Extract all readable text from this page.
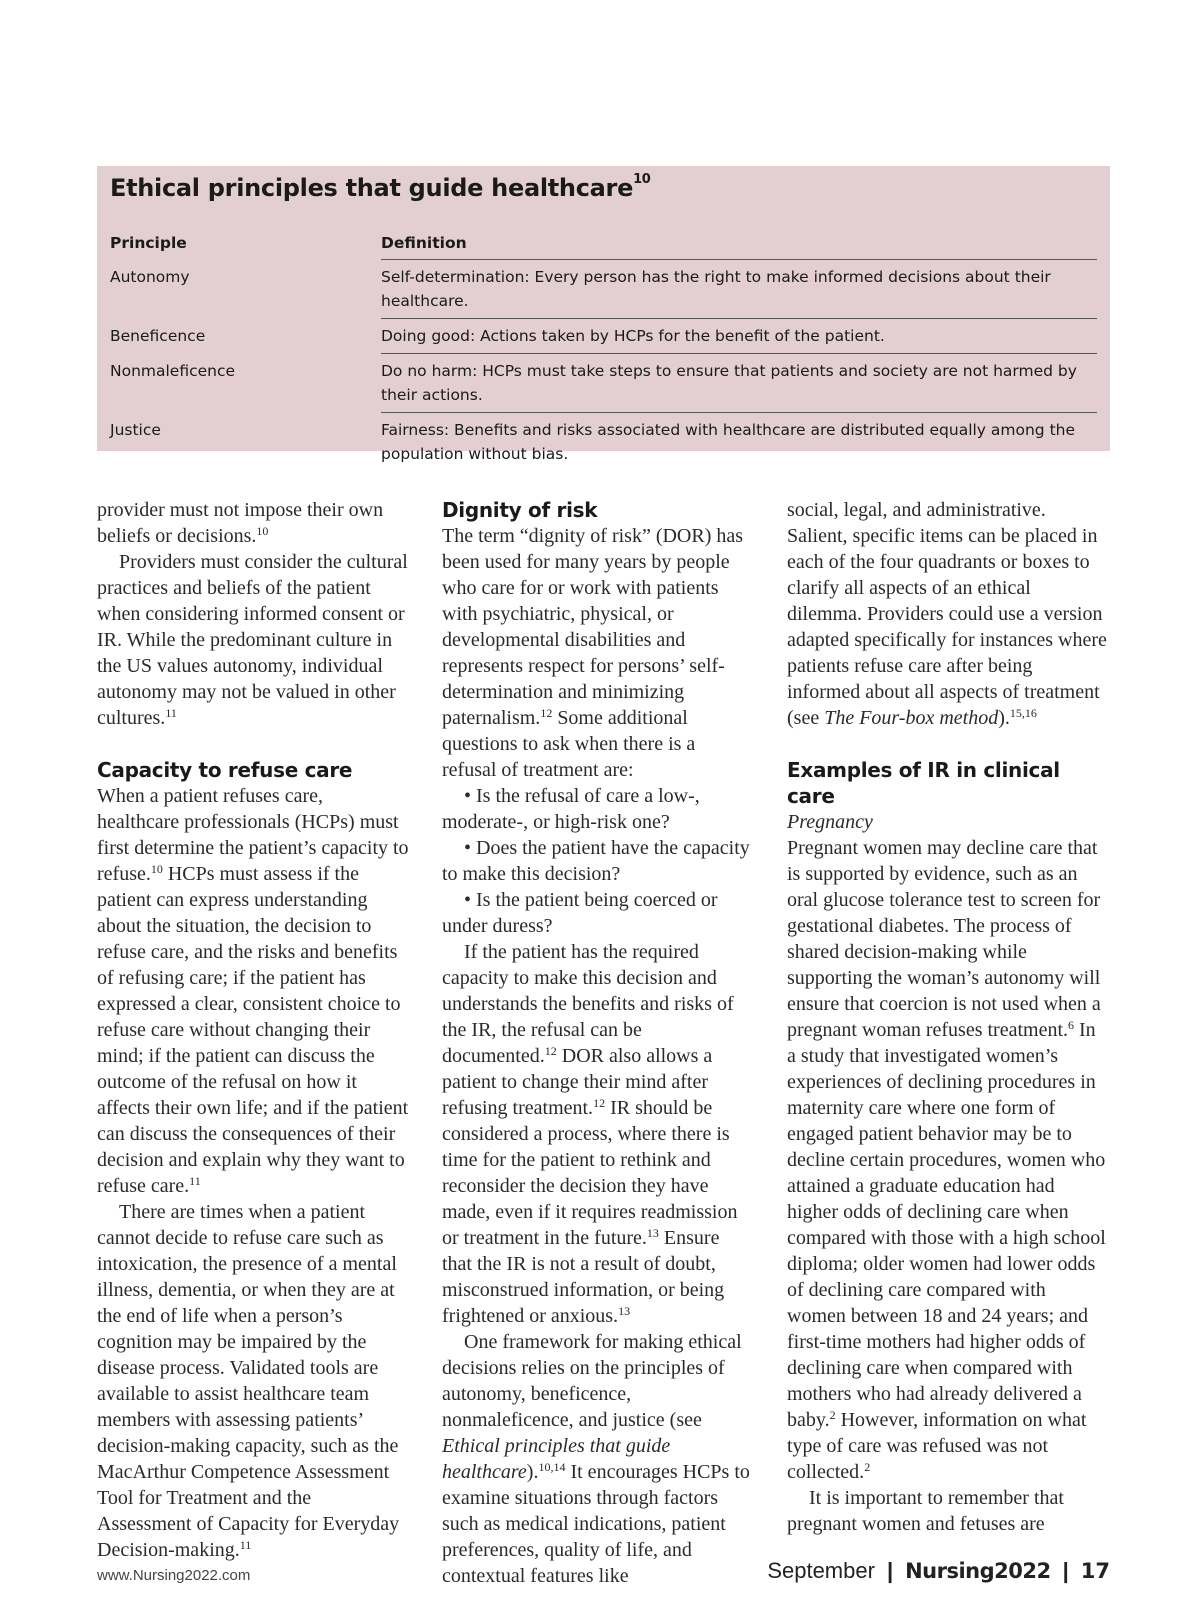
Ethical principles that guide healthcare$^{10}$
Principle	Definition
Autonomy	Self-determination: Every person has the right to make informed decisions about their healthcare.
Beneficence	Doing good: Actions taken by HCPs for the benefit of the patient.
Nonmaleficence	Do no harm: HCPs must take steps to ensure that patients and society are not harmed by their actions.
Justice	Fairness: Benefits and risks associated with healthcare are distributed equally among the population without bias.

provider must not impose their own beliefs or decisions.$^{10}$

Providers must consider the cultural practices and beliefs of the patient when considering informed consent or IR. While the predominant culture in the US values autonomy, individual autonomy may not be valued in other cultures.$^{11}$

Capacity to refuse care

When a patient refuses care, healthcare professionals (HCPs) must first determine the patient’s capacity to refuse.$^{10}$ HCPs must assess if the patient can express understanding about the situation, the decision to refuse care, and the risks and benefits of refusing care; if the patient has expressed a clear, consistent choice to refuse care without changing their mind; if the patient can discuss the outcome of the refusal on how it affects their own life; and if the patient can discuss the consequences of their decision and explain why they want to refuse care.$^{11}$

There are times when a patient cannot decide to refuse care such as intoxication, the presence of a mental illness, dementia, or when they are at the end of life when a person’s cognition may be impaired by the disease process. Validated tools are available to assist healthcare team members with assessing patients’ decision-making capacity, such as the MacArthur Competence Assessment Tool for Treatment and the Assessment of Capacity for Everyday Decision-making.$^{11}$

Dignity of risk

The term “dignity of risk” (DOR) has been used for many years by people who care for or work with patients with psychiatric, physical, or developmental disabilities and represents respect for persons’ self-determination and minimizing paternalism.$^{12}$ Some additional questions to ask when there is a refusal of treatment are:

• Is the refusal of care a low-, moderate-, or high-risk one?

• Does the patient have the capacity to make this decision?

• Is the patient being coerced or under duress?

If the patient has the required capacity to make this decision and understands the benefits and risks of the IR, the refusal can be documented.$^{12}$ DOR also allows a patient to change their mind after refusing treatment.$^{12}$ IR should be considered a process, where there is time for the patient to rethink and reconsider the decision they have made, even if it requires readmission or treatment in the future.$^{13}$ Ensure that the IR is not a result of doubt, misconstrued information, or being frightened or anxious.$^{13}$

One framework for making ethical decisions relies on the principles of autonomy, beneficence, nonmaleficence, and justice (see Ethical principles that guide healthcare).$^{10,14}$ It encourages HCPs to examine situations through factors such as medical indications, patient preferences, quality of life, and contextual features like

social, legal, and administrative. Salient, specific items can be placed in each of the four quadrants or boxes to clarify all aspects of an ethical dilemma. Providers could use a version adapted specifically for instances where patients refuse care after being informed about all aspects of treatment (see The Four-box method).$^{15,16}$

Examples of IR in clinical care

Pregnancy

Pregnant women may decline care that is supported by evidence, such as an oral glucose tolerance test to screen for gestational diabetes. The process of shared decision-making while supporting the woman’s autonomy will ensure that coercion is not used when a pregnant woman refuses treatment.$^6$ In a study that investigated women’s experiences of declining procedures in maternity care where one form of engaged patient behavior may be to decline certain procedures, women who attained a graduate education had higher odds of declining care when compared with those with a high school diploma; older women had lower odds of declining care compared with women between 18 and 24 years; and first-time mothers had higher odds of declining care when compared with mothers who had already delivered a baby.$^2$ However, information on what type of care was refused was not collected.$^2$

It is important to remember that pregnant women and fetuses are

www.Nursing2022.com	September | Nursing2022 | 17
